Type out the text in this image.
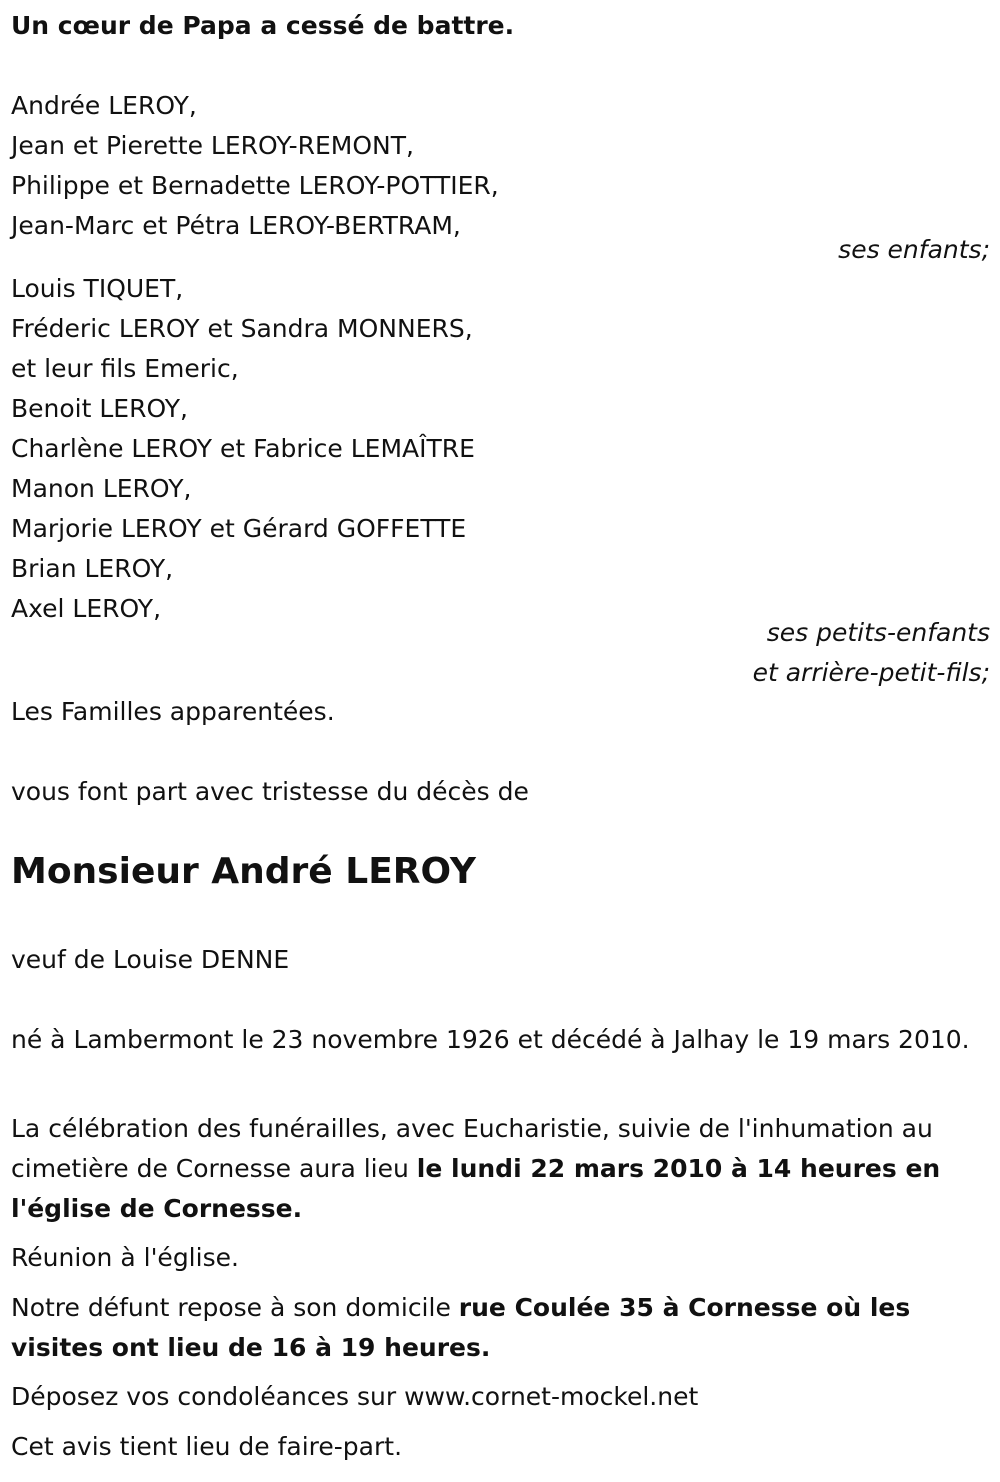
Un cœur de Papa a cessé de battre.

Andrée LEROY,

Jean et Pierette LEROY-REMONT,

Philippe et Bernadette LEROY-POTTIER,

Jean-Marc et Pétra LEROY-BERTRAM,

ses enfants;

Louis TIQUET,

Fréderic LEROY et Sandra MONNERS,

et leur fils Emeric,

Benoit LEROY,

Charlène LEROY et Fabrice LEMAÎTRE

Manon LEROY,

Marjorie LEROY et Gérard GOFFETTE

Brian LEROY,

Axel LEROY,

ses petits-enfants

et arrière-petit-fils;

Les Familles apparentées.

vous font part avec tristesse du décès de

Monsieur André LEROY

veuf de Louise DENNE

né à Lambermont le 23 novembre 1926 et décédé à Jalhay le 19 mars 2010.

La célébration des funérailles, avec Eucharistie, suivie de l'inhumation au cimetière de Cornesse aura lieu le lundi 22 mars 2010 à 14 heures en l'église de Cornesse.

Réunion à l'église.

Notre défunt repose à son domicile rue Coulée 35 à Cornesse où les visites ont lieu de 16 à 19 heures.

Déposez vos condoléances sur www.cornet-mockel.net

Cet avis tient lieu de faire-part.
